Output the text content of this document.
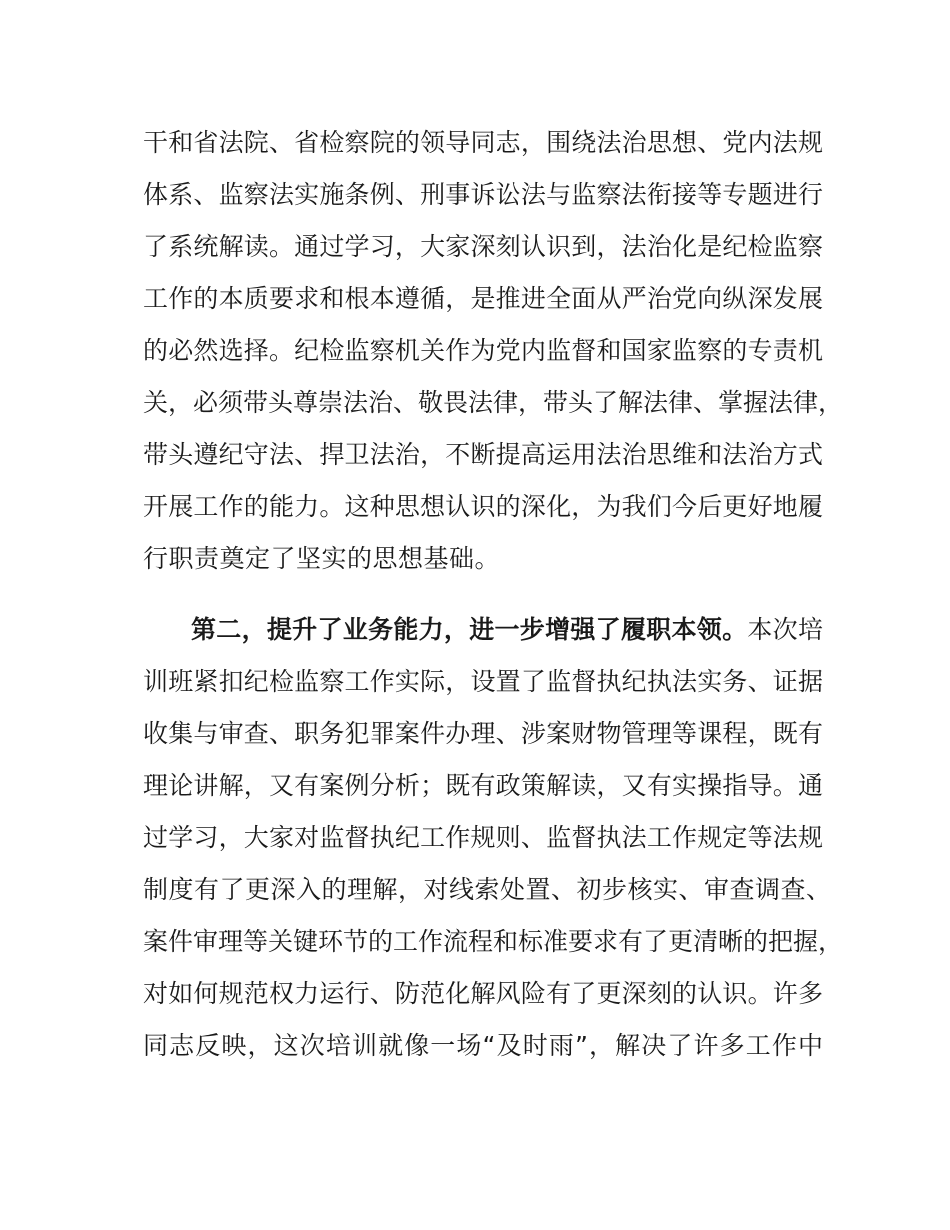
干和省法院、省检察院的领导同志，围绕法治思想、党内法规
体系、监察法实施条例、刑事诉讼法与监察法衔接等专题进行
了系统解读。通过学习，大家深刻认识到，法治化是纪检监察
工作的本质要求和根本遵循，是推进全面从严治党向纵深发展
的必然选择。纪检监察机关作为党内监督和国家监察的专责机
关，必须带头尊崇法治、敬畏法律，带头了解法律、掌握法律，
带头遵纪守法、捍卫法治，不断提高运用法治思维和法治方式
开展工作的能力。这种思想认识的深化，为我们今后更好地履
行职责奠定了坚实的思想基础。
第二，提升了业务能力，进一步增强了履职本领。本次培
训班紧扣纪检监察工作实际，设置了监督执纪执法实务、证据
收集与审查、职务犯罪案件办理、涉案财物管理等课程，既有
理论讲解，又有案例分析；既有政策解读，又有实操指导。通
过学习，大家对监督执纪工作规则、监督执法工作规定等法规
制度有了更深入的理解，对线索处置、初步核实、审查调查、
案件审理等关键环节的工作流程和标准要求有了更清晰的把握，
对如何规范权力运行、防范化解风险有了更深刻的认识。许多
同志反映，这次培训就像一场“及时雨”，解决了许多工作中
